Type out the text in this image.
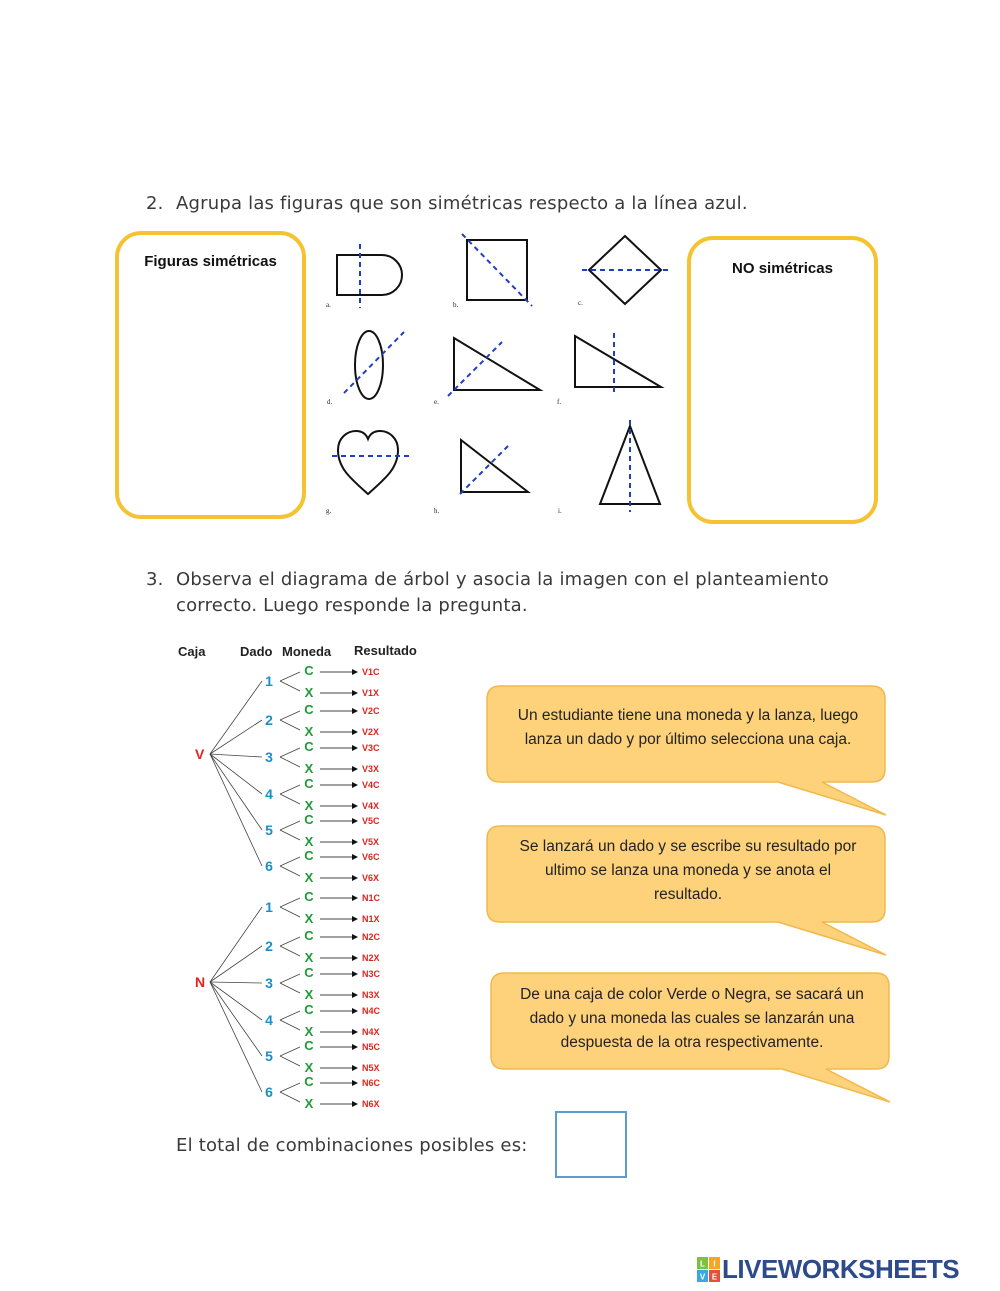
2. Agrupa las figuras que son simétricas respecto a la línea azul.
Figuras simétricas	NO simétricas
a.	b.	c.
d.	e.	f.
g.	h.	i.
3. Observa el diagrama de árbol y asocia la imagen con el planteamiento
correcto. Luego responde la pregunta.
Caja	Dado Moneda Resultado
V
1
C
X
V1C
V1X
2
C
X
V2C
V2X
3
C
X
V3C
V3X
4
C
X
V4C
V4X
5
C
X
V5C
V5X
6
C
X
V6C
V6X
N
1
C
X
N1C
N1X
2
C
X
N2C
N2X
3
C
X
N3C
N3X
4
C
X
N4C
N4X
5
C
X
N5C
N5X
6
C
X
N6C
N6X
Un estudiante tiene una moneda y la lanza, luego
lanza un dado y por último selecciona una caja.
Se lanzará un dado y se escribe su resultado por
ultimo se lanza una moneda y se anota el
resultado.
De una caja de color Verde o Negra, se sacará un
dado y una moneda las cuales se lanzarán una
despuesta de la otra respectivamente.
El total de combinaciones posibles es:
L I
V E LIVEWORKSHEETS
